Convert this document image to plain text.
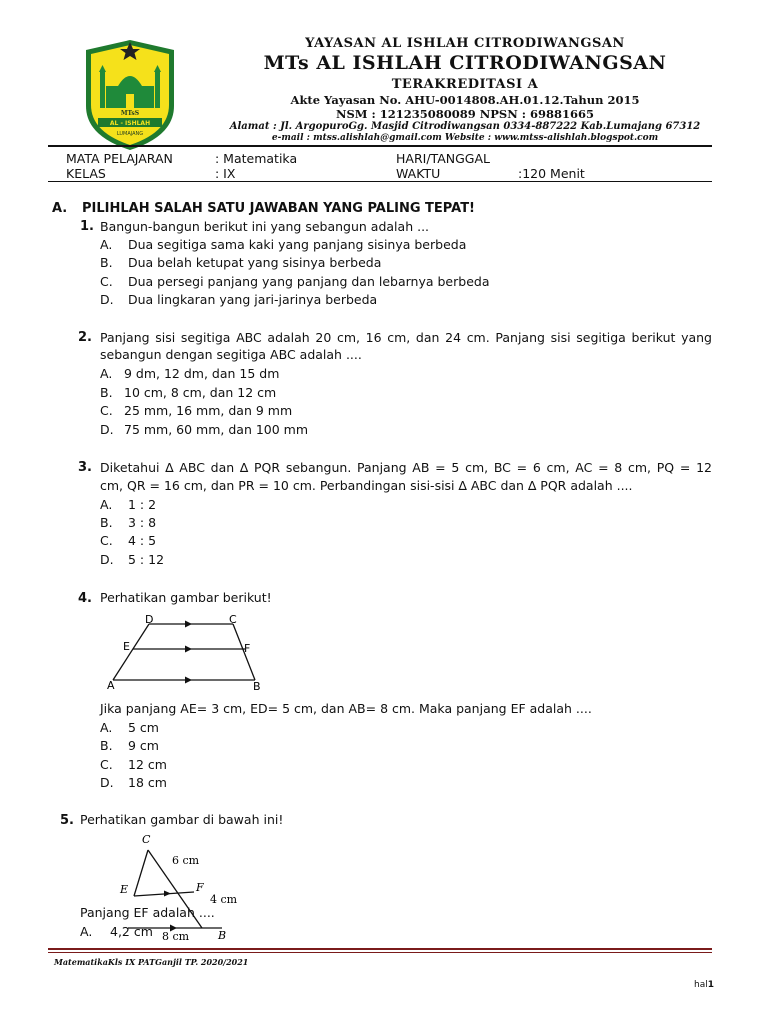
MTsS
AL - ISHLAH
LUMAJANG
YAYASAN AL ISHLAH CITRODIWANGSAN
MTs AL ISHLAH CITRODIWANGSAN
TERAKREDITASI A
Akte Yayasan No. AHU-0014808.AH.01.12.Tahun 2015
NSM : 121235080089 NPSN : 69881665
Alamat : Jl. ArgopuroGg. Masjid Citrodiwangsan 0334-887222 Kab.Lumajang 67312
e-mail : mtss.alishlah@gmail.com Website : www.mtss-alishlah.blogspot.com
MATA PELAJARAN	: Matematika	HARI/TANGGAL
KELAS	: IX	WAKTU	:120 Menit
A. PILIHLAH SALAH SATU JAWABAN YANG PALING TEPAT!
1. Bangun-bangun berikut ini yang sebangun adalah ...
A. Dua segitiga sama kaki yang panjang sisinya berbeda
B. Dua belah ketupat yang sisinya berbeda
C. Dua persegi panjang yang panjang dan lebarnya berbeda
D. Dua lingkaran yang jari-jarinya berbeda
2. Panjang sisi segitiga ABC adalah 20 cm, 16 cm, dan 24 cm. Panjang sisi segitiga berikut yang
sebangun dengan segitiga ABC adalah ....
A. 9 dm, 12 dm, dan 15 dm
B. 10 cm, 8 cm, dan 12 cm
C. 25 mm, 16 mm, dan 9 mm
D. 75 mm, 60 mm, dan 100 mm
3. Diketahui ∆ ABC dan ∆ PQR sebangun. Panjang AB = 5 cm, BC = 6 cm, AC = 8 cm, PQ = 12
cm, QR = 16 cm, dan PR = 10 cm. Perbandingan sisi-sisi ∆ ABC dan ∆ PQR adalah ....
A. 1 : 2
B. 3 : 8
C. 4 : 5
D. 5 : 12
4. Perhatikan gambar berikut!
D	C
E	F
A	B
Jika panjang AE= 3 cm, ED= 5 cm, dan AB= 8 cm. Maka panjang EF adalah ....
A. 5 cm
B. 9 cm
C. 12 cm
D. 18 cm
5. Perhatikan gambar di bawah ini!
C
6 cm
E	F
4 cm
8 cm	B
Panjang EF adalah ....
A. 4,2 cm
MatematikaKls IX PATGanjil TP. 2020/2021
hal1
